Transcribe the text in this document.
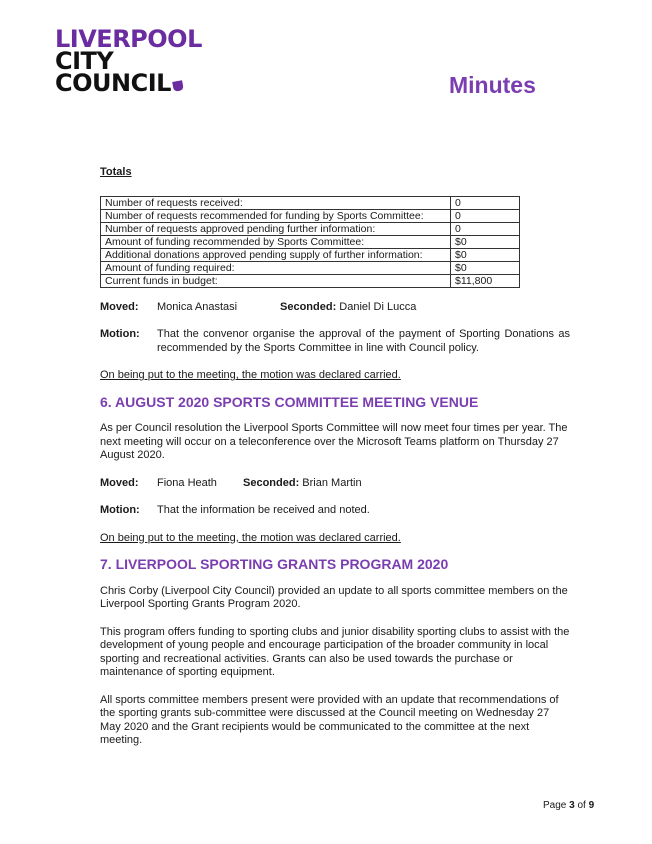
LIVERPOOL
CITY
COUNCIL	Minutes
Totals
Number of requests received:	0
Number of requests recommended for funding by Sports Committee:	0
Number of requests approved pending further information:	0
Amount of funding recommended by Sports Committee:	$0
Additional donations approved pending supply of further information:	$0
Amount of funding required:	$0
Current funds in budget:	$11,800
Moved:	Monica Anastasi	Seconded:
Daniel Di Lucca
Motion:	That the convenor organise the approval of the payment of Sporting Donations as recommended by the Sports Committee in line with Council policy.
On being put to the meeting, the motion was declared carried.
6. AUGUST 2020 SPORTS COMMITTEE MEETING VENUE

As per Council resolution the Liverpool Sports Committee will now meet four times per year. The next meeting will occur on a teleconference over the Microsoft Teams platform on Thursday 27 August 2020.

Moved:	Fiona Heath	Seconded:
Brian Martin
Motion:	That the information be received and noted.
On being put to the meeting, the motion was declared carried.
7. LIVERPOOL SPORTING GRANTS PROGRAM 2020

Chris Corby (Liverpool City Council) provided an update to all sports committee members on the Liverpool Sporting Grants Program 2020.

This program offers funding to sporting clubs and junior disability sporting clubs to assist with the development of young people and encourage participation of the broader community in local sporting and recreational activities. Grants can also be used towards the purchase or maintenance of sporting equipment.

All sports committee members present were provided with an update that recommendations of the sporting grants sub-committee were discussed at the Council meeting on Wednesday 27 May 2020 and the Grant recipients would be communicated to the committee at the next meeting.

Page 3 of 9
